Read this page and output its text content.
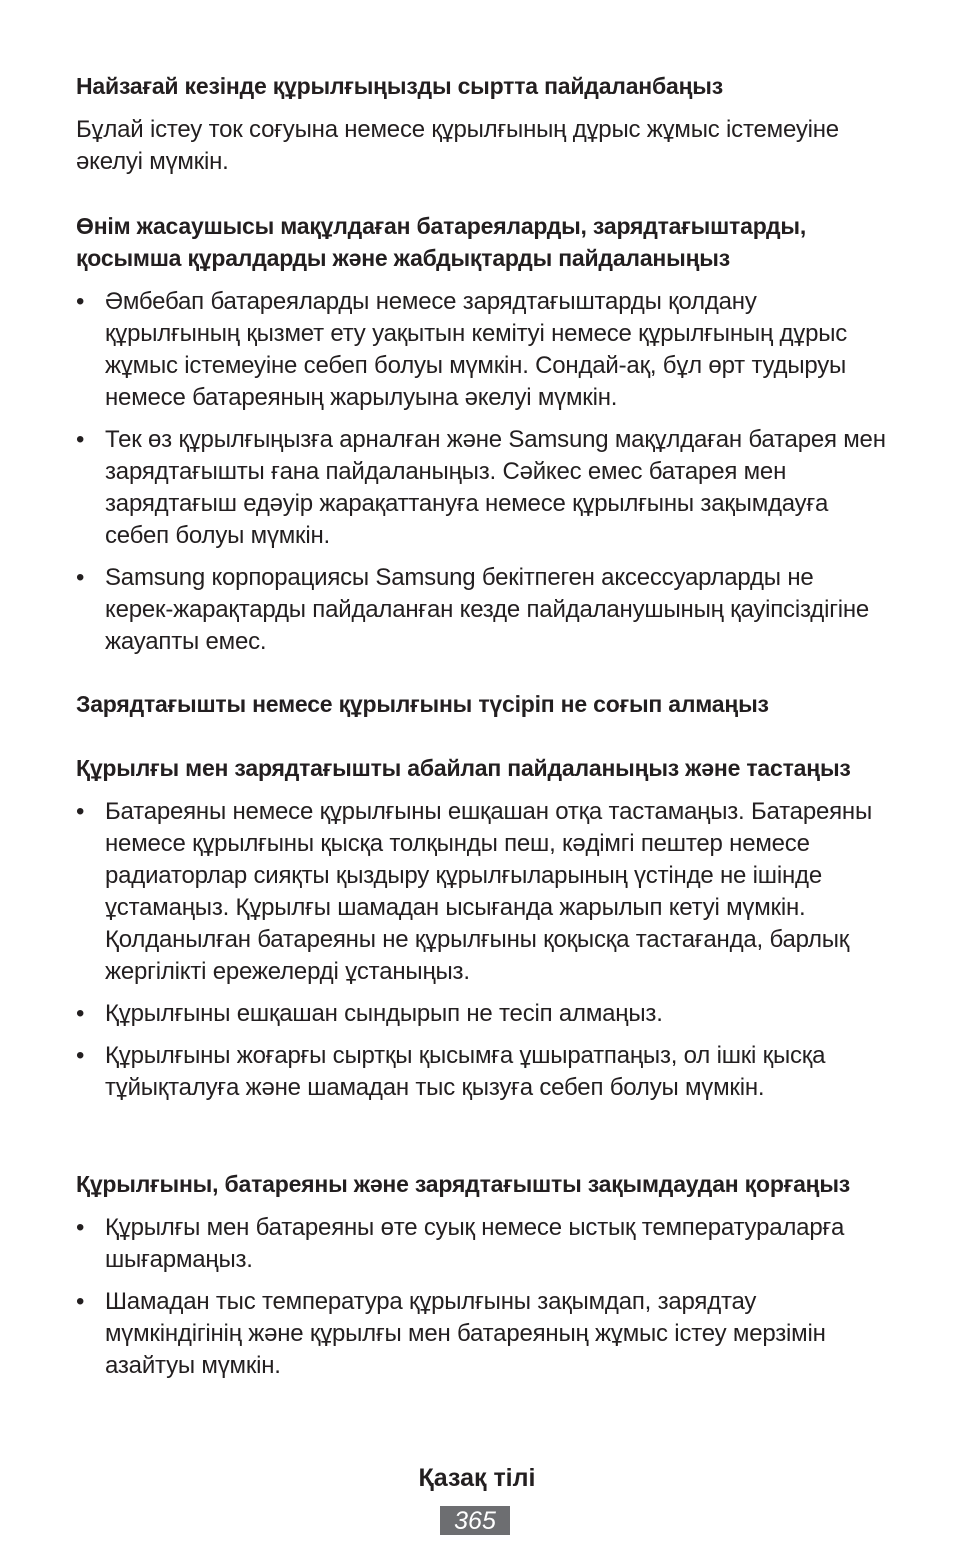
Найзағай кезінде құрылғыңызды сыртта пайдаланбаңыз

Бұлай істеу ток соғуына немесе құрылғының дұрыс жұмыс істемеуіне әкелуі мүмкін.

Өнім жасаушысы мақұлдаған батареяларды, зарядтағыштарды, қосымша құралдарды және жабдықтарды пайдаланыңыз

• Әмбебап батареяларды немесе зарядтағыштарды қолдану құрылғының қызмет ету уақытын кемітуі немесе құрылғының дұрыс жұмыс істемеуіне себеп болуы мүмкін. Сондай-ақ, бұл өрт тудыруы немесе батареяның жарылуына әкелуі мүмкін.
• Тек өз құрылғыңызға арналған және Samsung мақұлдаған батарея мен зарядтағышты ғана пайдаланыңыз. Сәйкес емес батарея мен зарядтағыш едәуір жарақаттануға немесе құрылғыны зақымдауға себеп болуы мүмкін.
• Samsung корпорациясы Samsung бекітпеген аксессуарларды не керек-жарақтарды пайдаланған кезде пайдаланушының қауіпсіздігіне жауапты емес.

Зарядтағышты немесе құрылғыны түсіріп не соғып алмаңыз

Құрылғы мен зарядтағышты абайлап пайдаланыңыз және тастаңыз

• Батареяны немесе құрылғыны ешқашан отқа тастамаңыз. Батареяны немесе құрылғыны қысқа толқынды пеш, кәдімгі пештер немесе радиаторлар сияқты қыздыру құрылғыларының үстінде не ішінде ұстамаңыз. Құрылғы шамадан ысығанда жарылып кетуі мүмкін. Қолданылған батареяны не құрылғыны қоқысқа тастағанда, барлық жергілікті ережелерді ұстаныңыз.
• Құрылғыны ешқашан сындырып не тесіп алмаңыз.
• Құрылғыны жоғарғы сыртқы қысымға ұшыратпаңыз, ол ішкі қысқа тұйықталуға және шамадан тыс қызуға себеп болуы мүмкін.

Құрылғыны, батареяны және зарядтағышты зақымдаудан қорғаңыз

• Құрылғы мен батареяны өте суық немесе ыстық температураларға шығармаңыз.
• Шамадан тыс температура құрылғыны зақымдап, зарядтау мүмкіндігінің және құрылғы мен батареяның жұмыс істеу мерзімін азайтуы мүмкін.
Қазақ тілі
365
